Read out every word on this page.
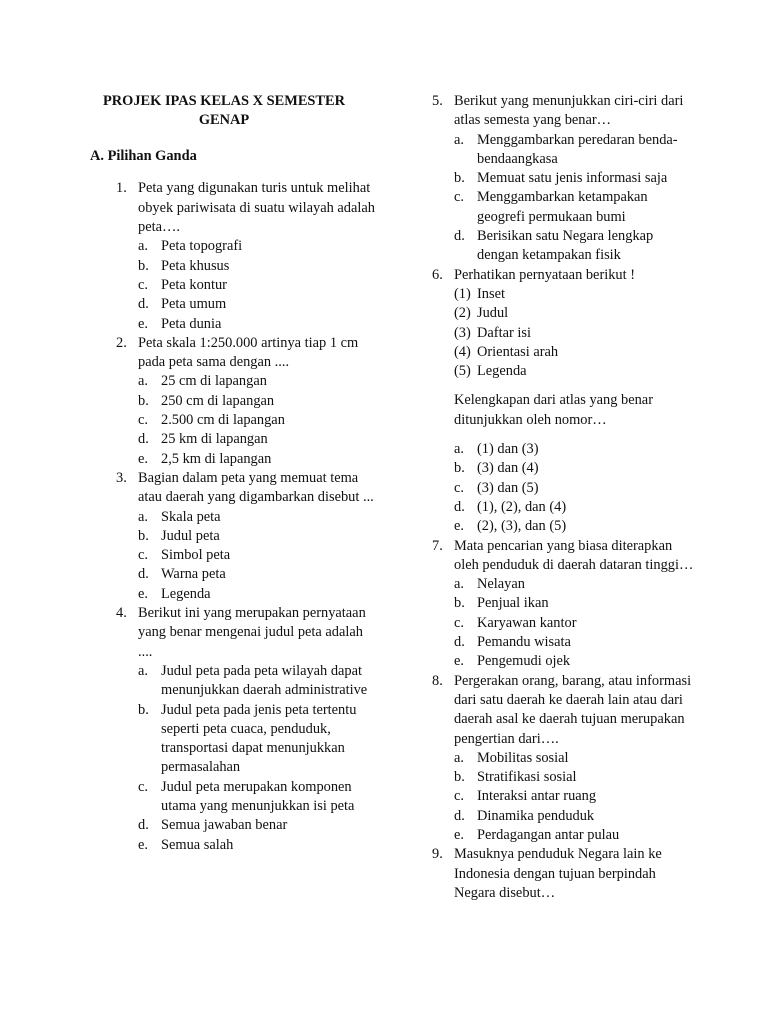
PROJEK IPAS KELAS X SEMESTER GENAP
A. Pilihan Ganda
1. Peta yang digunakan turis untuk melihat obyek pariwisata di suatu wilayah adalah peta….
a. Peta topografi
b. Peta khusus
c. Peta kontur
d. Peta umum
e. Peta dunia
2. Peta skala 1:250.000 artinya tiap 1 cm pada peta sama dengan ....
a. 25 cm di lapangan
b. 250 cm di lapangan
c. 2.500 cm di lapangan
d. 25 km di lapangan
e. 2,5 km di lapangan
3. Bagian dalam peta yang memuat tema atau daerah yang digambarkan disebut ...
a. Skala peta
b. Judul peta
c. Simbol peta
d. Warna peta
e. Legenda
4. Berikut ini yang merupakan pernyataan yang benar mengenai judul peta adalah ....
a. Judul peta pada peta wilayah dapat menunjukkan daerah administrative
b. Judul peta pada jenis peta tertentu seperti peta cuaca, penduduk, transportasi dapat menunjukkan permasalahan
c. Judul peta merupakan komponen utama yang menunjukkan isi peta
d. Semua jawaban benar
e. Semua salah
5. Berikut yang menunjukkan ciri-ciri dari atlas semesta yang benar…
a. Menggambarkan peredaran benda-bendaangkasa
b. Memuat satu jenis informasi saja
c. Menggambarkan ketampakan geogrefi permukaan bumi
d. Berisikan satu Negara lengkap dengan ketampakan fisik
6. Perhatikan pernyataan berikut !
(1) Inset
(2) Judul
(3) Daftar isi
(4) Orientasi arah
(5) Legenda
Kelengkapan dari atlas yang benar ditunjukkan oleh nomor…
a. (1) dan (3)
b. (3) dan (4)
c. (3) dan (5)
d. (1), (2), dan (4)
e. (2), (3), dan (5)
7. Mata pencarian yang biasa diterapkan oleh penduduk di daerah dataran tinggi…
a. Nelayan
b. Penjual ikan
c. Karyawan kantor
d. Pemandu wisata
e. Pengemudi ojek
8. Pergerakan orang, barang, atau informasi dari satu daerah ke daerah lain atau dari daerah asal ke daerah tujuan merupakan pengertian dari….
a. Mobilitas sosial
b. Stratifikasi sosial
c. Interaksi antar ruang
d. Dinamika penduduk
e. Perdagangan antar pulau
9. Masuknya penduduk Negara lain ke Indonesia dengan tujuan berpindah Negara disebut…
